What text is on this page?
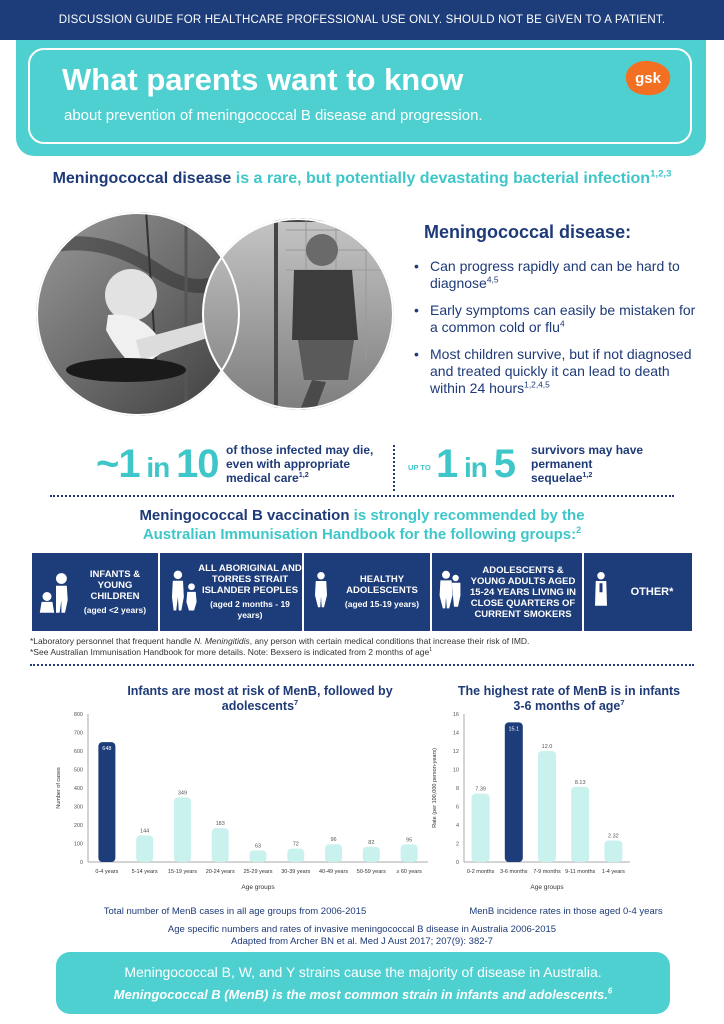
DISCUSSION GUIDE FOR HEALTHCARE PROFESSIONAL USE ONLY. SHOULD NOT BE GIVEN TO A PATIENT.
What parents want to know
about prevention of meningococcal B disease and progression.
gsk
Meningococcal disease is a rare, but potentially devastating bacterial infection$^{1,2,3}$
Meningococcal disease:
• Can progress rapidly and can be hard to diagnose$^{4,5}$
• Early symptoms can easily be mistaken for a common cold or flu$^4$
• Most children survive, but if not diagnosed and treated quickly it can lead to death within 24 hours$^{1,2,4,5}$
~1 in 10 of those infected may die, even with appropriate medical care$^{1,2}$
UP TO 1 in 5 survivors may have permanent sequelae$^{1,2}$
Meningococcal B vaccination is strongly recommended by the
Australian Immunisation Handbook for the following groups:$^2$
INFANTS & YOUNG CHILDREN
(aged <2 years)
ALL ABORIGINAL AND TORRES STRAIT ISLANDER PEOPLES
(aged 2 months - 19 years)
HEALTHY ADOLESCENTS
(aged 15-19 years)
ADOLESCENTS & YOUNG ADULTS AGED 15-24 YEARS LIVING IN CLOSE QUARTERS OF CURRENT SMOKERS
OTHER*
*Laboratory personnel that frequent handle N. Meningitidis, any person with certain medical conditions that increase their risk of IMD.
*See Australian Immunisation Handbook for more details. Note: Bexsero is indicated from 2 months of age$^1$
Infants are most at risk of MenB, followed by adolescents$^7$
0
100
200
300
400
500
600
700
800
648
0-4 years
144
5-14 years
349
15-19 years
183
20-24 years
63
25-29 years
72
30-39 years
96
40-49 years
82
50-59 years
95
≥ 60 years
Age groups
Number of cases
Total number of MenB cases in all age groups from 2006-2015
The highest rate of MenB is in infants 3-6 months of age$^7$
0
2
4
6
8
10
12
14
16
7.39
0-2 months
15.1
3-6 months
12.0
7-9 months
8.13
9-11 months
2.32
1-4 years
Age groups
Rate (per 100,000 person-years)
MenB incidence rates in those aged 0-4 years
Age specific numbers and rates of invasive meningococcal B disease in Australia 2006-2015
Adapted from Archer BN et al. Med J Aust 2017; 207(9): 382-7
Meningococcal B, W, and Y strains cause the majority of disease in Australia.
Meningococcal B (MenB) is the most common strain in infants and adolescents.$^6$
